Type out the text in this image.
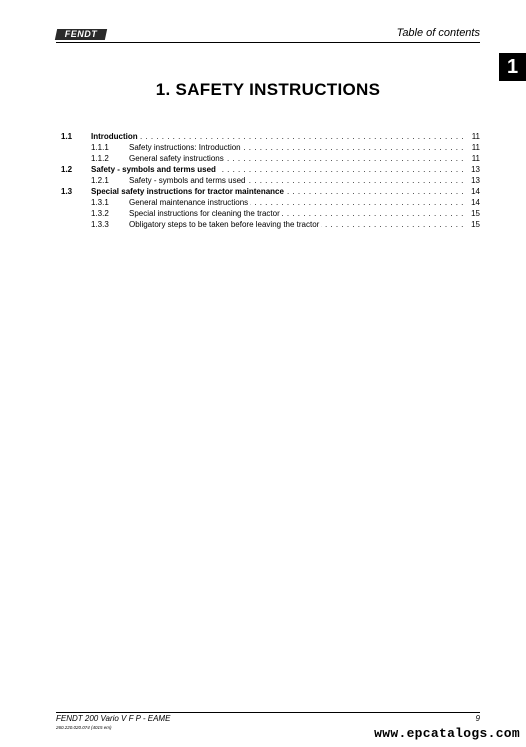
FENDT	Table of contents
1
1. SAFETY INSTRUCTIONS
1.1 Introduction . . .	11
1.1.1	Safety instructions: Introduction . . .	11
1.1.2	General safety instructions . . .	11
1.2 Safety - symbols and terms used . . .	13
1.2.1	Safety - symbols and terms used . . .	13
1.3 Special safety instructions for tractor maintenance . . .	14
1.3.1	General maintenance instructions . . .	14
1.3.2	Special instructions for cleaning the tractor . . .	15
1.3.3	Obligatory steps to be taken before leaving the tractor . . .	15
FENDT 200 Vario V F P - EAME
260.220.020.074 (4015 em)
9
www.epcatalogs.com
